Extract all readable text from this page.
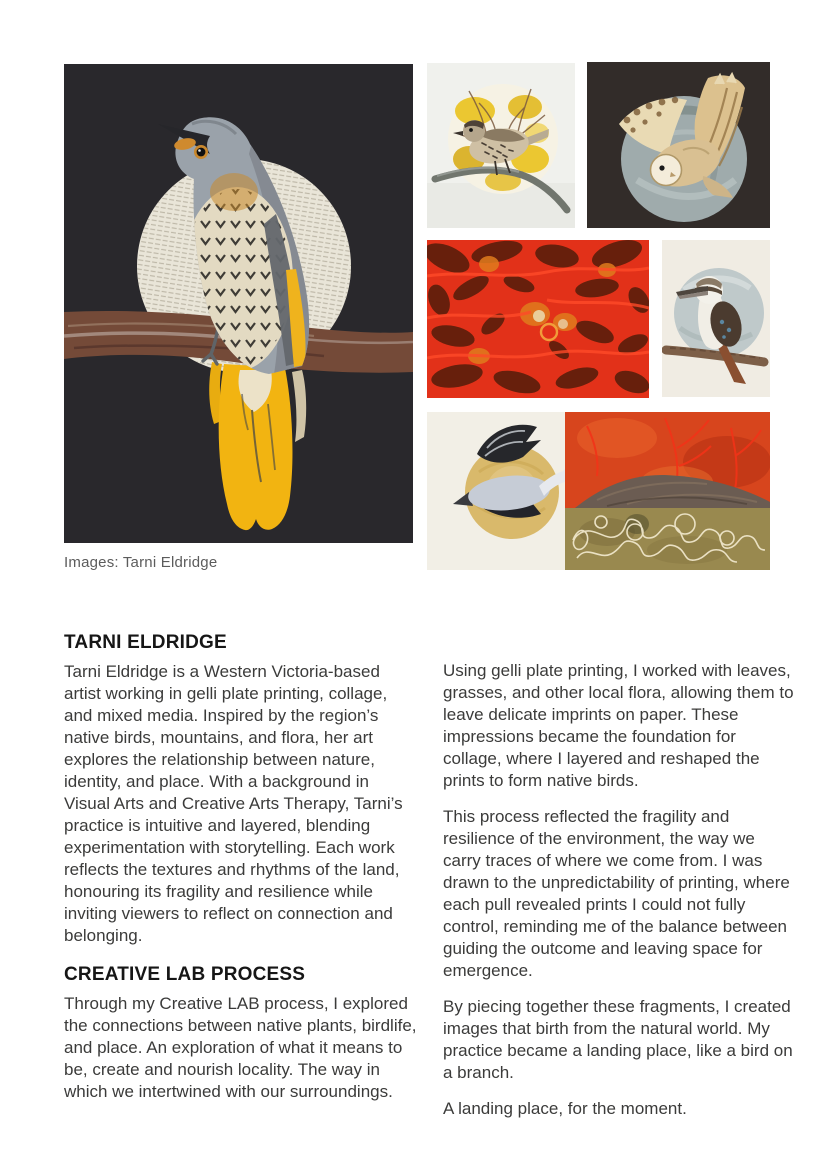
Images: Tarni Eldridge
TARNI ELDRIDGE

Tarni Eldridge is a Western Victoria-based artist working in gelli plate printing, collage, and mixed media. Inspired by the region’s native birds, mountains, and flora, her art explores the relationship between nature, identity, and place. With a background in Visual Arts and Creative Arts Therapy, Tarni’s practice is intuitive and layered, blending experimentation with storytelling. Each work reflects the textures and rhythms of the land, honouring its fragility and resilience while inviting viewers to reflect on connection and belonging.

CREATIVE LAB PROCESS

Through my Creative LAB process, I explored the connections between native plants, birdlife, and place. An exploration of what it means to be, create and nourish locality. The way in which we intertwined with our surroundings.

Using gelli plate printing, I worked with leaves, grasses, and other local flora, allowing them to leave delicate imprints on paper. These impressions became the foundation for collage, where I layered and reshaped the prints to form native birds.

This process reflected the fragility and resilience of the environment, the way we carry traces of where we come from. I was drawn to the unpredictability of printing, where each pull revealed prints I could not fully control, reminding me of the balance between guiding the outcome and leaving space for emergence.

By piecing together these fragments, I created images that birth from the natural world. My practice became a landing place, like a bird on a branch.

A landing place, for the moment.
